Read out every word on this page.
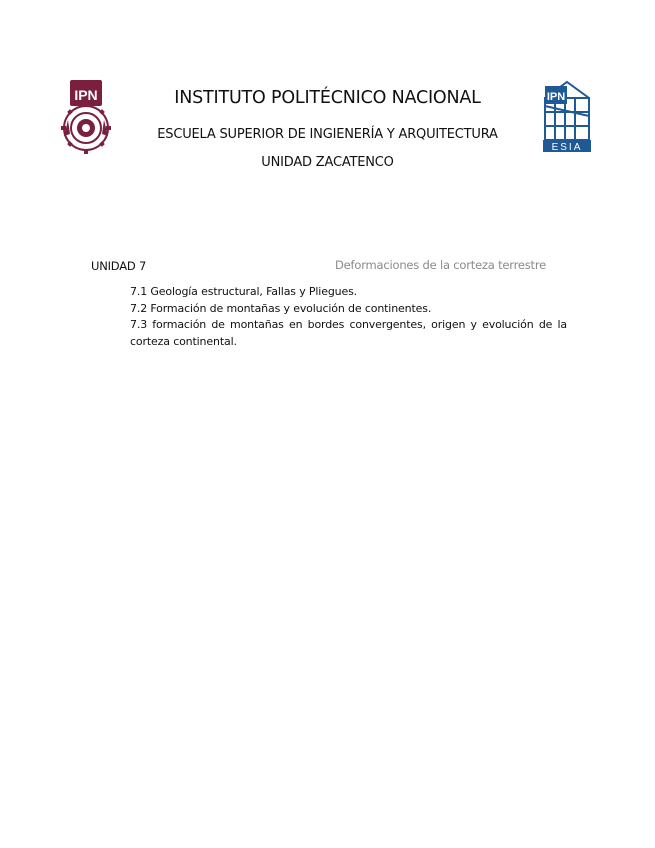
IPN	INSTITUTO POLITÉCNICO NACIONAL
ESCUELA SUPERIOR DE INGIENERÍA Y ARQUITECTURA
UNIDAD ZACATENCO
IPN
ESIA
UNIDAD 7	Deformaciones de la corteza terrestre
7.1 Geología estructural, Fallas y Pliegues.
7.2 Formación de montañas y evolución de continentes.
7.3 formación de montañas en bordes convergentes, origen y evolución de la corteza continental.
